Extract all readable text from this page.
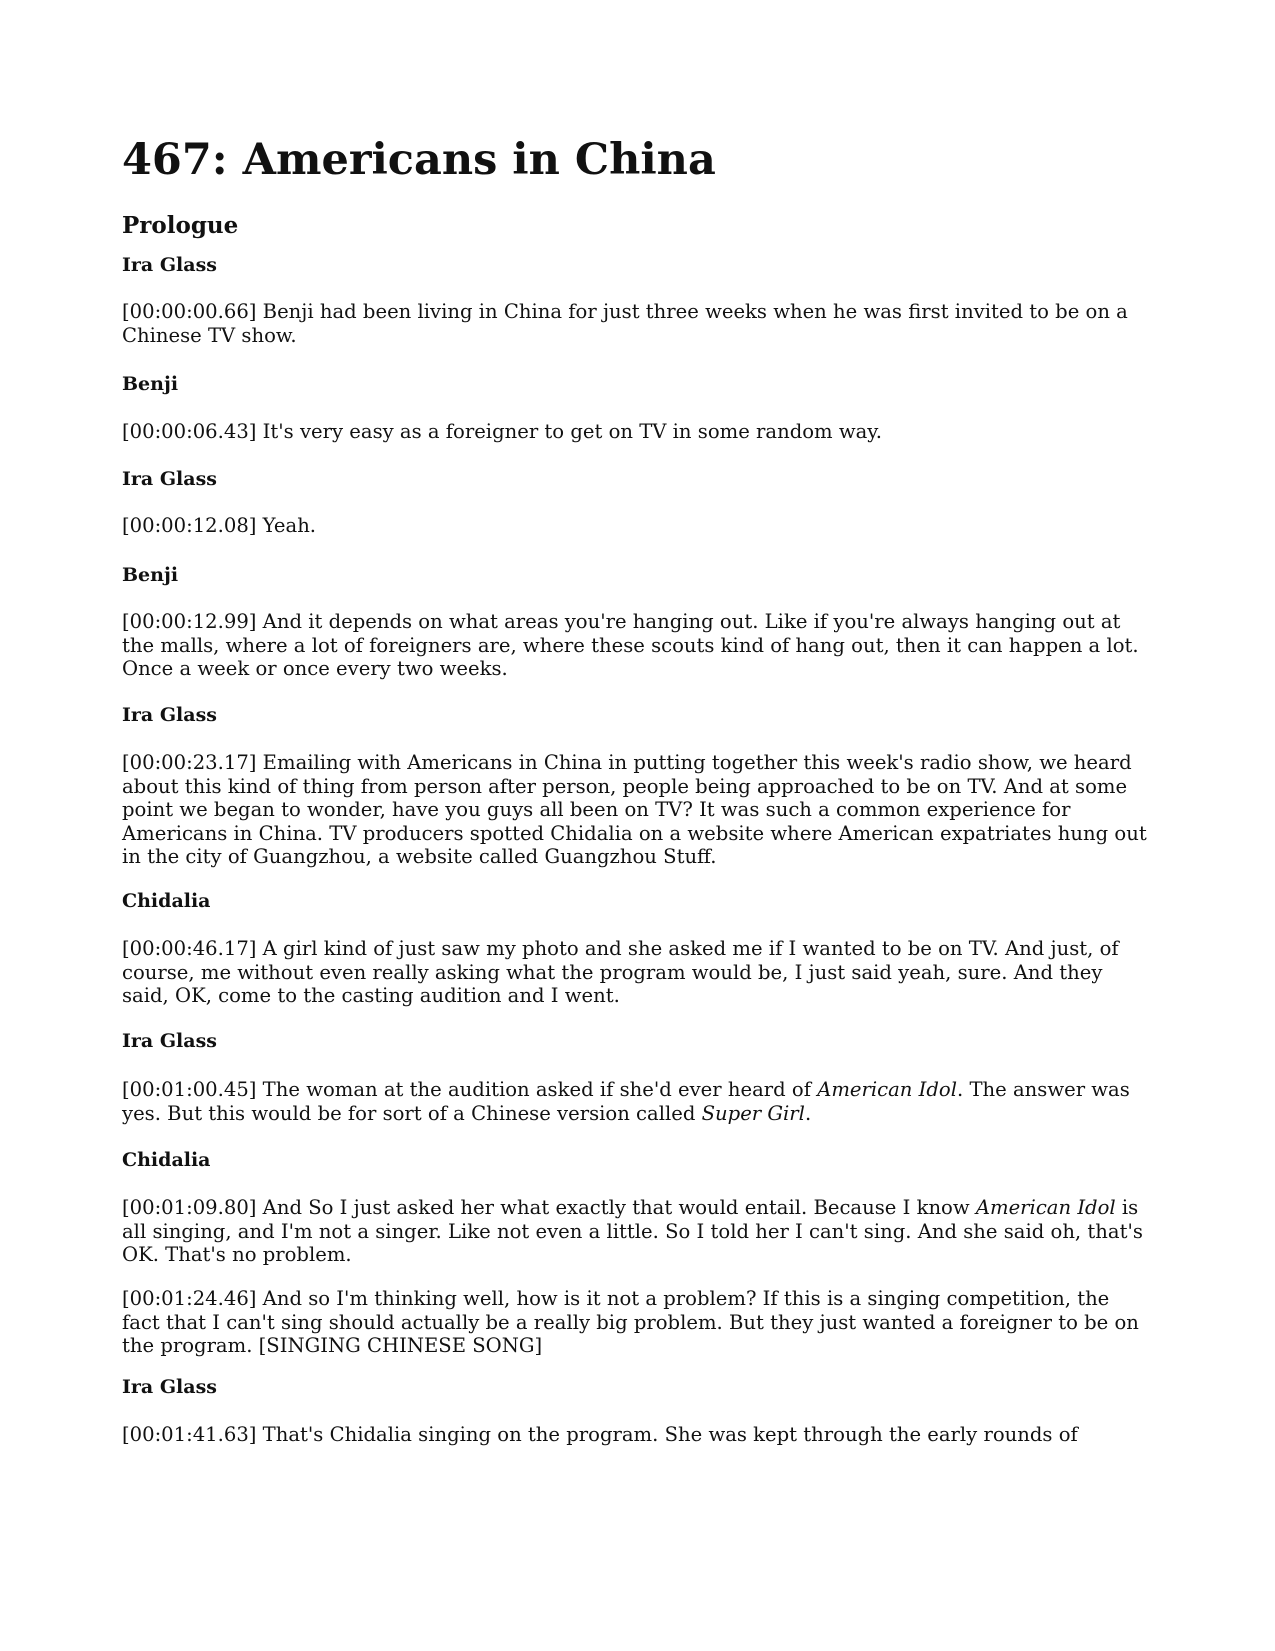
467: Americans in China
Prologue
Ira Glass

[00:00:00.66] Benji had been living in China for just three weeks when he was first invited to be on a Chinese TV show.

Benji

[00:00:06.43] It's very easy as a foreigner to get on TV in some random way.

Ira Glass

[00:00:12.08] Yeah.

Benji

[00:00:12.99] And it depends on what areas you're hanging out. Like if you're always hanging out at the malls, where a lot of foreigners are, where these scouts kind of hang out, then it can happen a lot. Once a week or once every two weeks.

Ira Glass

[00:00:23.17] Emailing with Americans in China in putting together this week's radio show, we heard about this kind of thing from person after person, people being approached to be on TV. And at some point we began to wonder, have you guys all been on TV? It was such a common experience for Americans in China. TV producers spotted Chidalia on a website where American expatriates hung out in the city of Guangzhou, a website called Guangzhou Stuff.

Chidalia

[00:00:46.17] A girl kind of just saw my photo and she asked me if I wanted to be on TV. And just, of course, me without even really asking what the program would be, I just said yeah, sure. And they said, OK, come to the casting audition and I went.

Ira Glass

[00:01:00.45] The woman at the audition asked if she'd ever heard of American Idol. The answer was yes. But this would be for sort of a Chinese version called Super Girl.

Chidalia

[00:01:09.80] And So I just asked her what exactly that would entail. Because I know American Idol is all singing, and I'm not a singer. Like not even a little. So I told her I can't sing. And she said oh, that's OK. That's no problem.

[00:01:24.46] And so I'm thinking well, how is it not a problem? If this is a singing competition, the fact that I can't sing should actually be a really big problem. But they just wanted a foreigner to be on the program. [SINGING CHINESE SONG]

Ira Glass

[00:01:41.63] That's Chidalia singing on the program. She was kept through the early rounds of
